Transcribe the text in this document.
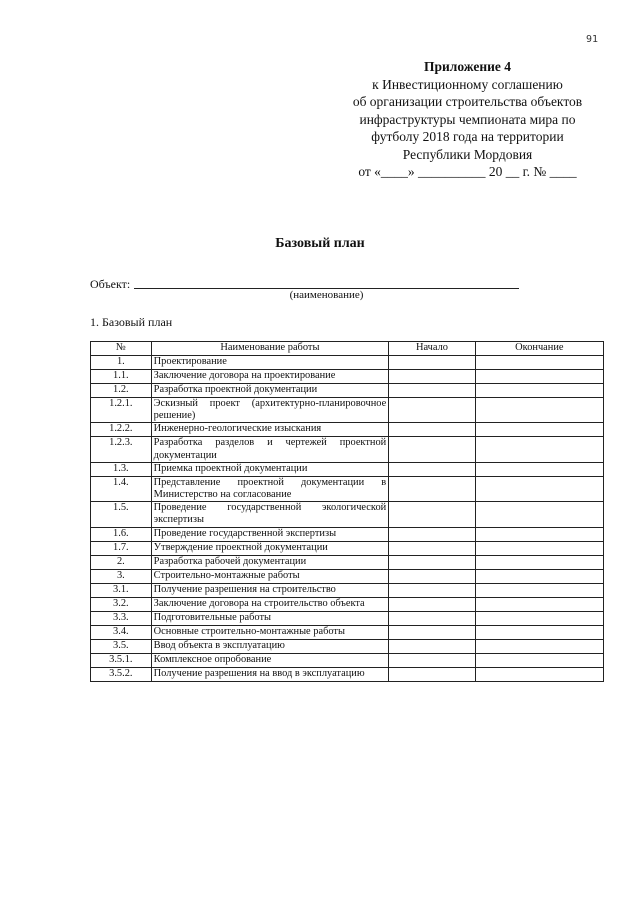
91
Приложение 4
к Инвестиционному соглашению
об организации строительства объектов
инфраструктуры чемпионата мира по
футболу 2018 года на территории
Республики Мордовия
от «____» __________ 20 __ г. № ____
Базовый план
Объект:
(наименование)
1. Базовый план
№	Наименование работы	Начало	Окончание
1.	Проектирование		
1.1.	Заключение договора на проектирование		
1.2.	Разработка проектной документации		
1.2.1.	Эскизный проект (архитектурно-планировочное решение)		
1.2.2.	Инженерно-геологические изыскания		
1.2.3.	Разработка разделов и чертежей проектной документации		
1.3.	Приемка проектной документации		
1.4.	Представление проектной документации в Министерство на согласование		
1.5.	Проведение государственной экологической экспертизы		
1.6.	Проведение государственной экспертизы		
1.7.	Утверждение проектной документации		
2.	Разработка рабочей документации		
3.	Строительно-монтажные работы		
3.1.	Получение разрешения на строительство		
3.2.	Заключение договора на строительство объекта		
3.3.	Подготовительные работы		
3.4.	Основные строительно-монтажные работы		
3.5.	Ввод объекта в эксплуатацию		
3.5.1.	Комплексное опробование		
3.5.2.	Получение разрешения на ввод в эксплуатацию		
